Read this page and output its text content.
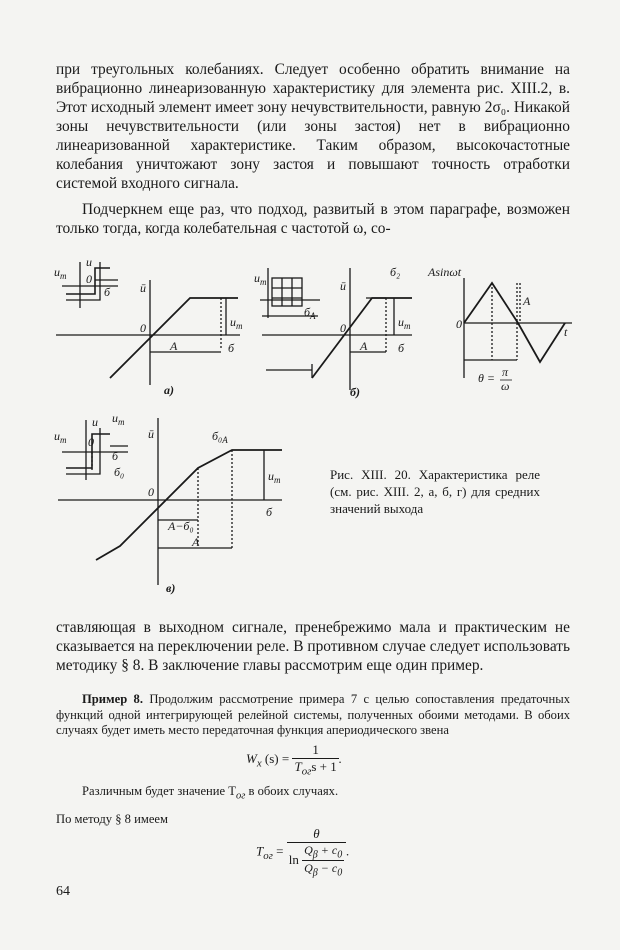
при треугольных колебаниях. Следует особенно обратить внимание на вибрационно линеаризованную характеристику для элемента рис. XIII.2, в. Этот исходный элемент имеет зону нечувствительности, равную 2σ₀. Никакой зоны нечувствительности (или зоны застоя) нет в вибрационно линеаризованной характеристике. Таким образом, высокочастотные колебания уничтожают зону застоя и повышают точность отработки системой входного сигнала.

Подчеркнем еще раз, что подход, развитый в этом параграфе, возможен только тогда, когда колебательная с частотой ω, со-

$u_m$
u
0
б ū
0	$u_m$
б
A
а)
$u_m$
$б_A$
ū
б₂
0	$u_m$
б
A
б)
Asinωt
0
t
A
θ = π
ω
$u_m$
u
0
$u_m$
б
б₀
ū
0
$б_0_A$
$u_m$
б
A−б₀
A
в)

Рис. XIII. 20. Характеристика реле (см. рис. XIII. 2, а, б, г) для средних значений выхода

ставляющая в выходном сигнале, пренебрежимо мала и практическим не сказывается на переключении реле. В противном случае следует использовать методику § 8. В заключение главы рассмотрим еще один пример.

Пример 8. Продолжим рассмотрение примера 7 с целью сопоставления предаточных функций одной интегрирующей релейной системы, полученных обоими методами. В обоих случаях будет иметь место передаточная функция апериодического звена

$W_x$ $(s) = \frac{1}{T_{ог}s + 1}$ .

Различным будет значение $T_{ог}$ в обоих случаях.

По методу § 8 имеем

$T_{ог} = \frac{\theta}{\ln \frac{Q_\beta + c_0}{Q_\beta - c_0}}$ .
64
